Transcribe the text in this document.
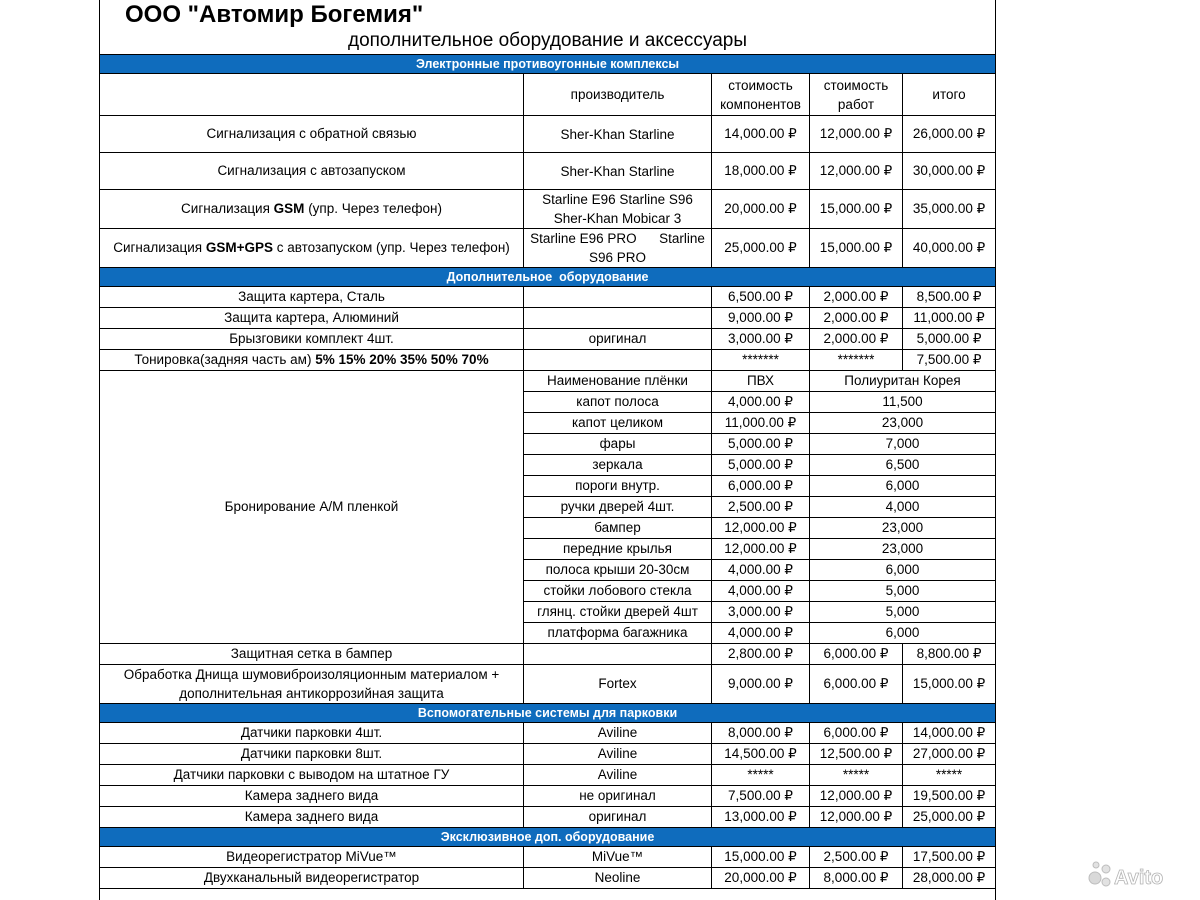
ООО "Автомир Богемия"
дополнительное оборудование и аксессуары
Электронные противоугонные комплексы				
	производитель	стоимость компонентов	стоимость работ	итого
Сигнализация с обратной связью	Sher-Khan Starline	14,000.00 ₽	12,000.00 ₽	26,000.00 ₽
Сигнализация с автозапуском	Sher-Khan Starline	18,000.00 ₽	12,000.00 ₽	30,000.00 ₽
Сигнализация GSM (упр. Через телефон)	Starline E96 Starline S96 Sher-Khan Mobicar 3	20,000.00 ₽	15,000.00 ₽	35,000.00 ₽
Сигнализация GSM+GPS с автозапуском (упр. Через телефон)	Starline E96 PRO      Starline S96 PRO	25,000.00 ₽	15,000.00 ₽	40,000.00 ₽
Дополнительное  оборудование				
Защита картера, Сталь		6,500.00 ₽	2,000.00 ₽	8,500.00 ₽
Защита картера, Алюминий		9,000.00 ₽	2,000.00 ₽	11,000.00 ₽
Брызговики комплект 4шт.	оригинал	3,000.00 ₽	2,000.00 ₽	5,000.00 ₽
Тонировка(задняя часть ам) 5% 15% 20% 35% 50% 70%		*******	*******	7,500.00 ₽
Бронирование А/М пленкой	Наименование плёнки	ПВХ	Полиуритан Корея	
	капот полоса	4,000.00 ₽	11,500	
	капот целиком	11,000.00 ₽	23,000	
	фары	5,000.00 ₽	7,000	
	зеркала	5,000.00 ₽	6,500	
	пороги внутр.	6,000.00 ₽	6,000	
	ручки дверей 4шт.	2,500.00 ₽	4,000	
	бампер	12,000.00 ₽	23,000	
	передние крылья	12,000.00 ₽	23,000	
	полоса крыши 20-30см	4,000.00 ₽	6,000	
	стойки лобового стекла	4,000.00 ₽	5,000	
	глянц. стойки дверей 4шт	3,000.00 ₽	5,000	
	платформа багажника	4,000.00 ₽	6,000	
Защитная сетка в бампер		2,800.00 ₽	6,000.00 ₽	8,800.00 ₽
Обработка Днища шумовиброизоляционным материалом + дополнительная антикоррозийная защита	Fortex	9,000.00 ₽	6,000.00 ₽	15,000.00 ₽
Вспомогательные системы для парковки				
Датчики парковки 4шт.	Aviline	8,000.00 ₽	6,000.00 ₽	14,000.00 ₽
Датчики парковки 8шт.	Aviline	14,500.00 ₽	12,500.00 ₽	27,000.00 ₽
Датчики парковки с выводом на штатное ГУ	Aviline	*****	*****	*****
Камера заднего вида	не оригинал	7,500.00 ₽	12,000.00 ₽	19,500.00 ₽
Камера заднего вида	оригинал	13,000.00 ₽	12,000.00 ₽	25,000.00 ₽
Эксклюзивное доп. оборудование				
Видеорегистратор MiVue™	MiVue™	15,000.00 ₽	2,500.00 ₽	17,500.00 ₽
Двухканальный видеорегистратор	Neoline	20,000.00 ₽	8,000.00 ₽	28,000.00 ₽	Avito
